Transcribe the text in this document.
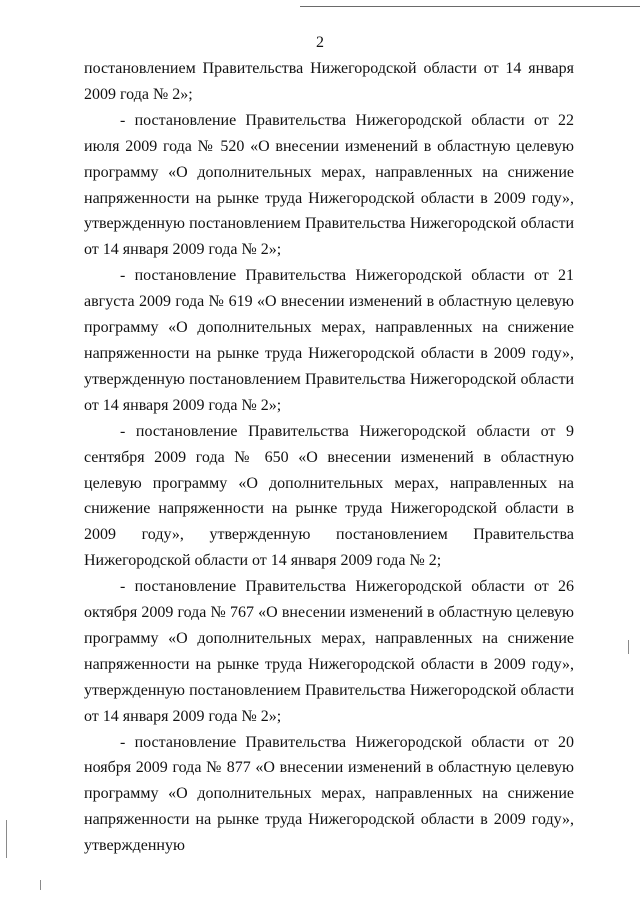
2

постановлением Правительства Нижегородской области от 14 января 2009 года № 2»;

- постановление Правительства Нижегородской области от 22 июля 2009 года № 520 «О внесении изменений в областную целевую программу «О дополнительных мерах, направленных на снижение напряженности на рынке труда Нижегородской области в 2009 году», утвержденную постановлением Правительства Нижегородской области от 14 января 2009 года № 2»;

- постановление Правительства Нижегородской области от 21 августа 2009 года № 619 «О внесении изменений в областную целевую программу «О дополнительных мерах, направленных на снижение напряженности на рынке труда Нижегородской области в 2009 году», утвержденную постановлением Правительства Нижегородской области от 14 января 2009 года № 2»;

- постановление Правительства Нижегородской области от 9 сентября 2009 года № 650 «О внесении изменений в областную целевую программу «О дополнительных мерах, направленных на снижение напряженности на рынке труда Нижегородской области в 2009 году», утвержденную постановлением Правительства Нижегородской области от 14 января 2009 года № 2;

- постановление Правительства Нижегородской области от 26 октября 2009 года № 767 «О внесении изменений в областную целевую программу «О дополнительных мерах, направленных на снижение напряженности на рынке труда Нижегородской области в 2009 году», утвержденную постановлением Правительства Нижегородской области от 14 января 2009 года № 2»;

- постановление Правительства Нижегородской области от 20 ноября 2009 года № 877 «О внесении изменений в областную целевую программу «О дополнительных мерах, направленных на снижение напряженности на рынке труда Нижегородской области в 2009 году», утвержденную
